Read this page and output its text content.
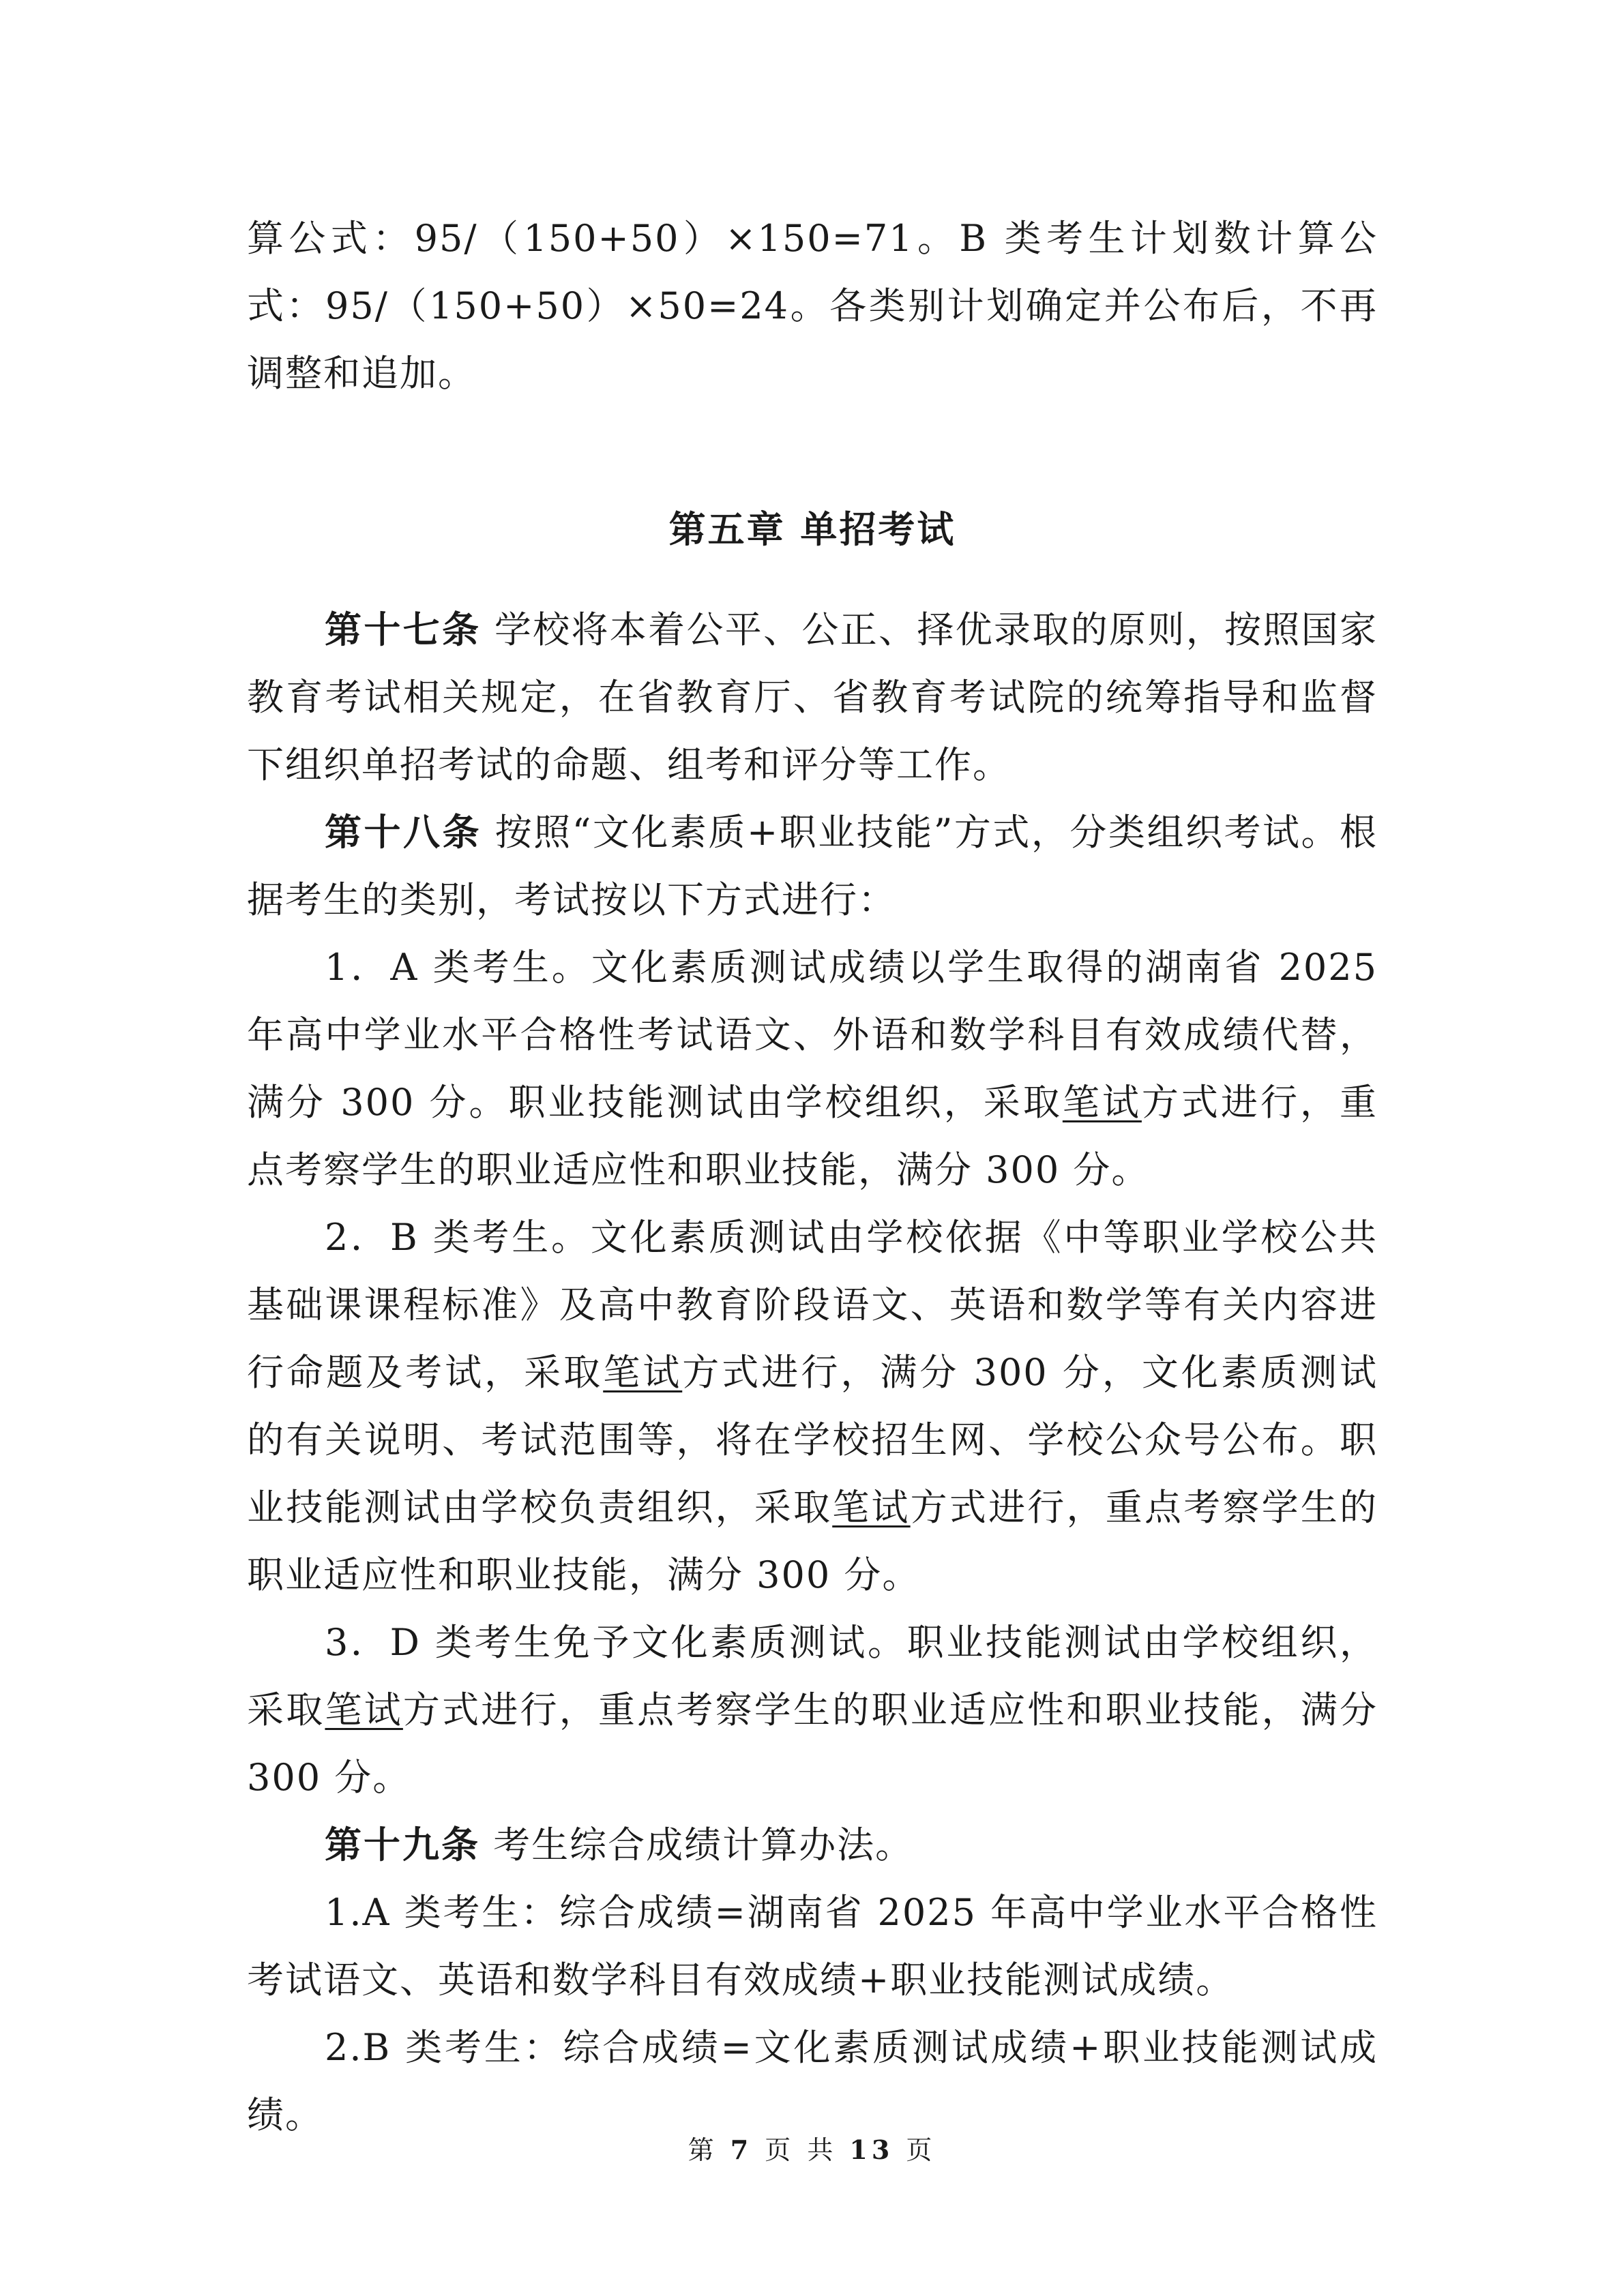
算公式：95/（150+50）×150=71。B 类考生计划数计算公式：95/（150+50）×50=24。各类别计划确定并公布后，不再调整和追加。

第五章 单招考试

第十七条 学校将本着公平、公正、择优录取的原则，按照国家教育考试相关规定，在省教育厅、省教育考试院的统筹指导和监督下组织单招考试的命题、组考和评分等工作。

第十八条 按照“文化素质+职业技能”方式，分类组织考试。根据考生的类别，考试按以下方式进行：

1．A 类考生。文化素质测试成绩以学生取得的湖南省 2025 年高中学业水平合格性考试语文、外语和数学科目有效成绩代替，满分 300 分。职业技能测试由学校组织，采取笔试方式进行，重点考察学生的职业适应性和职业技能，满分 300 分。

2．B 类考生。文化素质测试由学校依据《中等职业学校公共基础课课程标准》及高中教育阶段语文、英语和数学等有关内容进行命题及考试，采取笔试方式进行，满分 300 分，文化素质测试的有关说明、考试范围等，将在学校招生网、学校公众号公布。职业技能测试由学校负责组织，采取笔试方式进行，重点考察学生的职业适应性和职业技能，满分 300 分。

3．D 类考生免予文化素质测试。职业技能测试由学校组织，采取笔试方式进行，重点考察学生的职业适应性和职业技能，满分 300 分。

第十九条 考生综合成绩计算办法。

1.A 类考生：综合成绩=湖南省 2025 年高中学业水平合格性考试语文、英语和数学科目有效成绩+职业技能测试成绩。

2.B 类考生：综合成绩=文化素质测试成绩+职业技能测试成绩。

第 7 页 共 13 页
